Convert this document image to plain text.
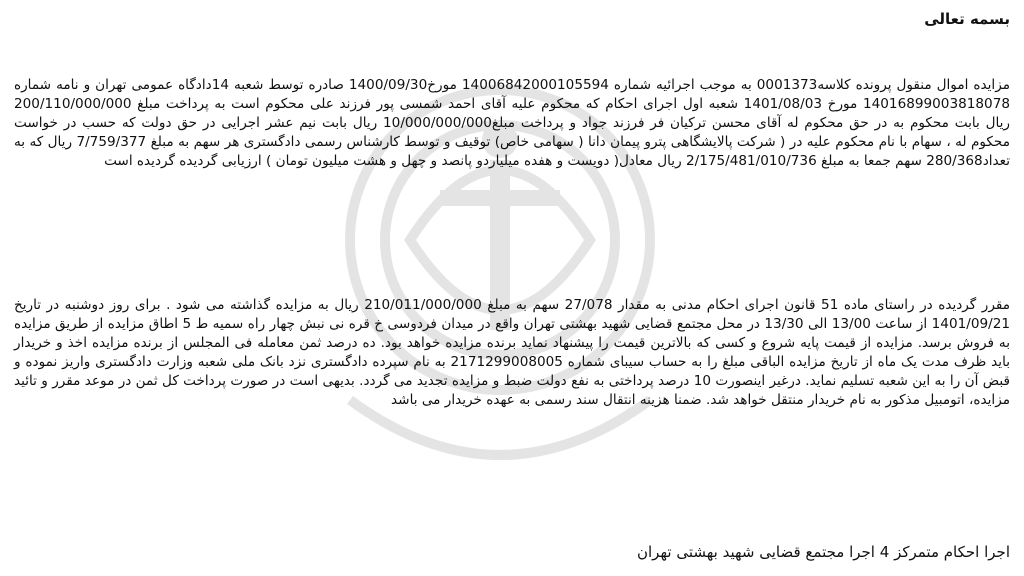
بسمه تعالی

مزایده اموال منقول پرونده کلاسه0001373 به موجب اجرائیه شماره 14006842000105594 مورخ1400/09/30 صادره توسط شعبه 14دادگاه عمومی تهران و نامه شماره 14016899003818078 مورخ 1401/08/03 شعبه اول اجرای احکام که محکوم علیه آقای احمد شمسی پور فرزند علی محکوم است به پرداخت مبلغ 200/110/000/000 ریال بابت محکوم به در حق محکوم له آقای محسن ترکیان فر فرزند جواد و پرداخت مبلغ10/000/000/000 ریال بابت نیم عشر اجرایی در حق دولت که حسب در خواست محکوم له ، سهام با نام محکوم علیه در ( شرکت پالایشگاهی پترو پیمان دانا ( سهامی خاص) توقیف و توسط کارشناس رسمی دادگستری هر سهم به مبلغ 7/759/377 ریال که به تعداد280/368 سهم جمعا به مبلغ 2/175/481/010/736 ریال معادل( دویست و هفده میلیاردو پانصد و چهل و هشت میلیون تومان ) ارزیابی گردیده گردیده است

مقرر گردیده در راستای ماده 51 قانون اجرای احکام مدنی به مقدار 27/078 سهم به مبلغ 210/011/000/000 ریال به مزایده گذاشته می شود . برای روز دوشنبه در تاریخ 1401/09/21 از ساعت 13/00 الی 13/30 در محل مجتمع قضایی شهید بهشتی تهران واقع در میدان فردوسی خ قره نی نبش چهار راه سمیه ط 5 اطاق مزایده از طریق مزایده به فروش برسد. مزایده از قیمت پایه شروع و کسی که بالاترین قیمت را پیشنهاد نماید برنده مزایده خواهد بود. ده درصد ثمن معامله فی المجلس از برنده مزایده اخذ و خریدار باید ظرف مدت یک ماه از تاریخ مزایده الباقی مبلغ را به حساب سیبای شماره 2171299008005 به نام سپرده دادگستری نزد بانک ملی شعبه وزارت دادگستری واریز نموده و قبض آن را به این شعبه تسلیم نماید. درغیر اینصورت 10 درصد پرداختی به نفع دولت ضبط و مزایده تجدید می گردد. بدیهی است در صورت پرداخت کل ثمن در موعد مقرر و تائید مزایده، اتومبیل مذکور به نام خریدار منتقل خواهد شد. ضمنا هزینه انتقال سند رسمی به عهده خریدار می باشد

اجرا احکام متمرکز 4 اجرا مجتمع قضایی شهید بهشتی تهران
